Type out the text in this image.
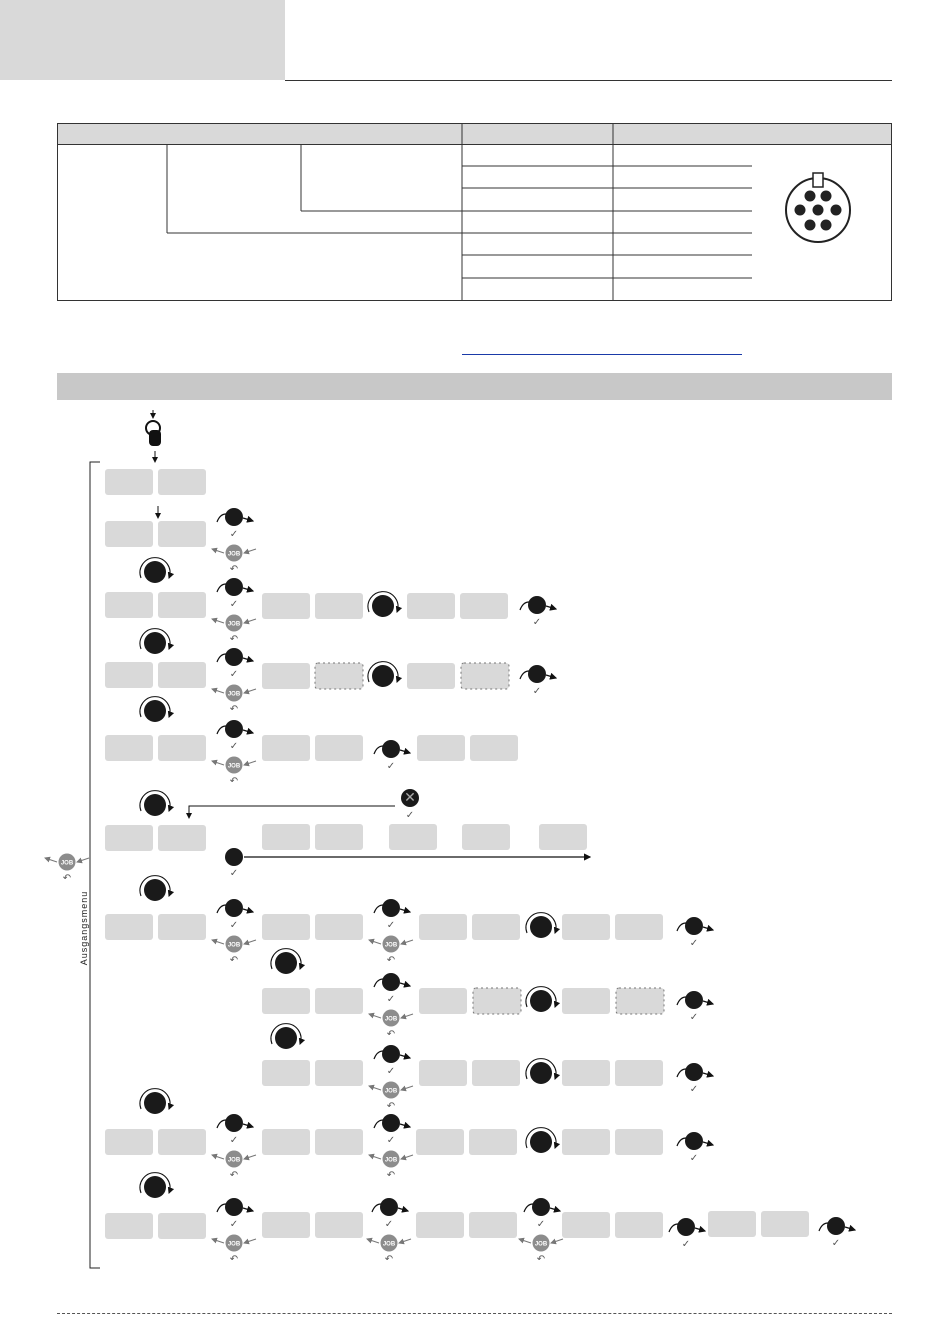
Ausgangsmenu
JOB
↶
✓
JOB
↶
✓
JOB
↶
✓
✓
JOB
↶
✓
✓
JOB
↶
✓
✕
✓
✓
✓
JOB
↶
✓
JOB
↶
✓
✓
JOB
↶
✓
✓
JOB
↶
✓
✓
JOB
↶
✓
JOB
↶
✓
✓
JOB
↶
✓
JOB
↶
✓
JOB
↶
✓	✓
